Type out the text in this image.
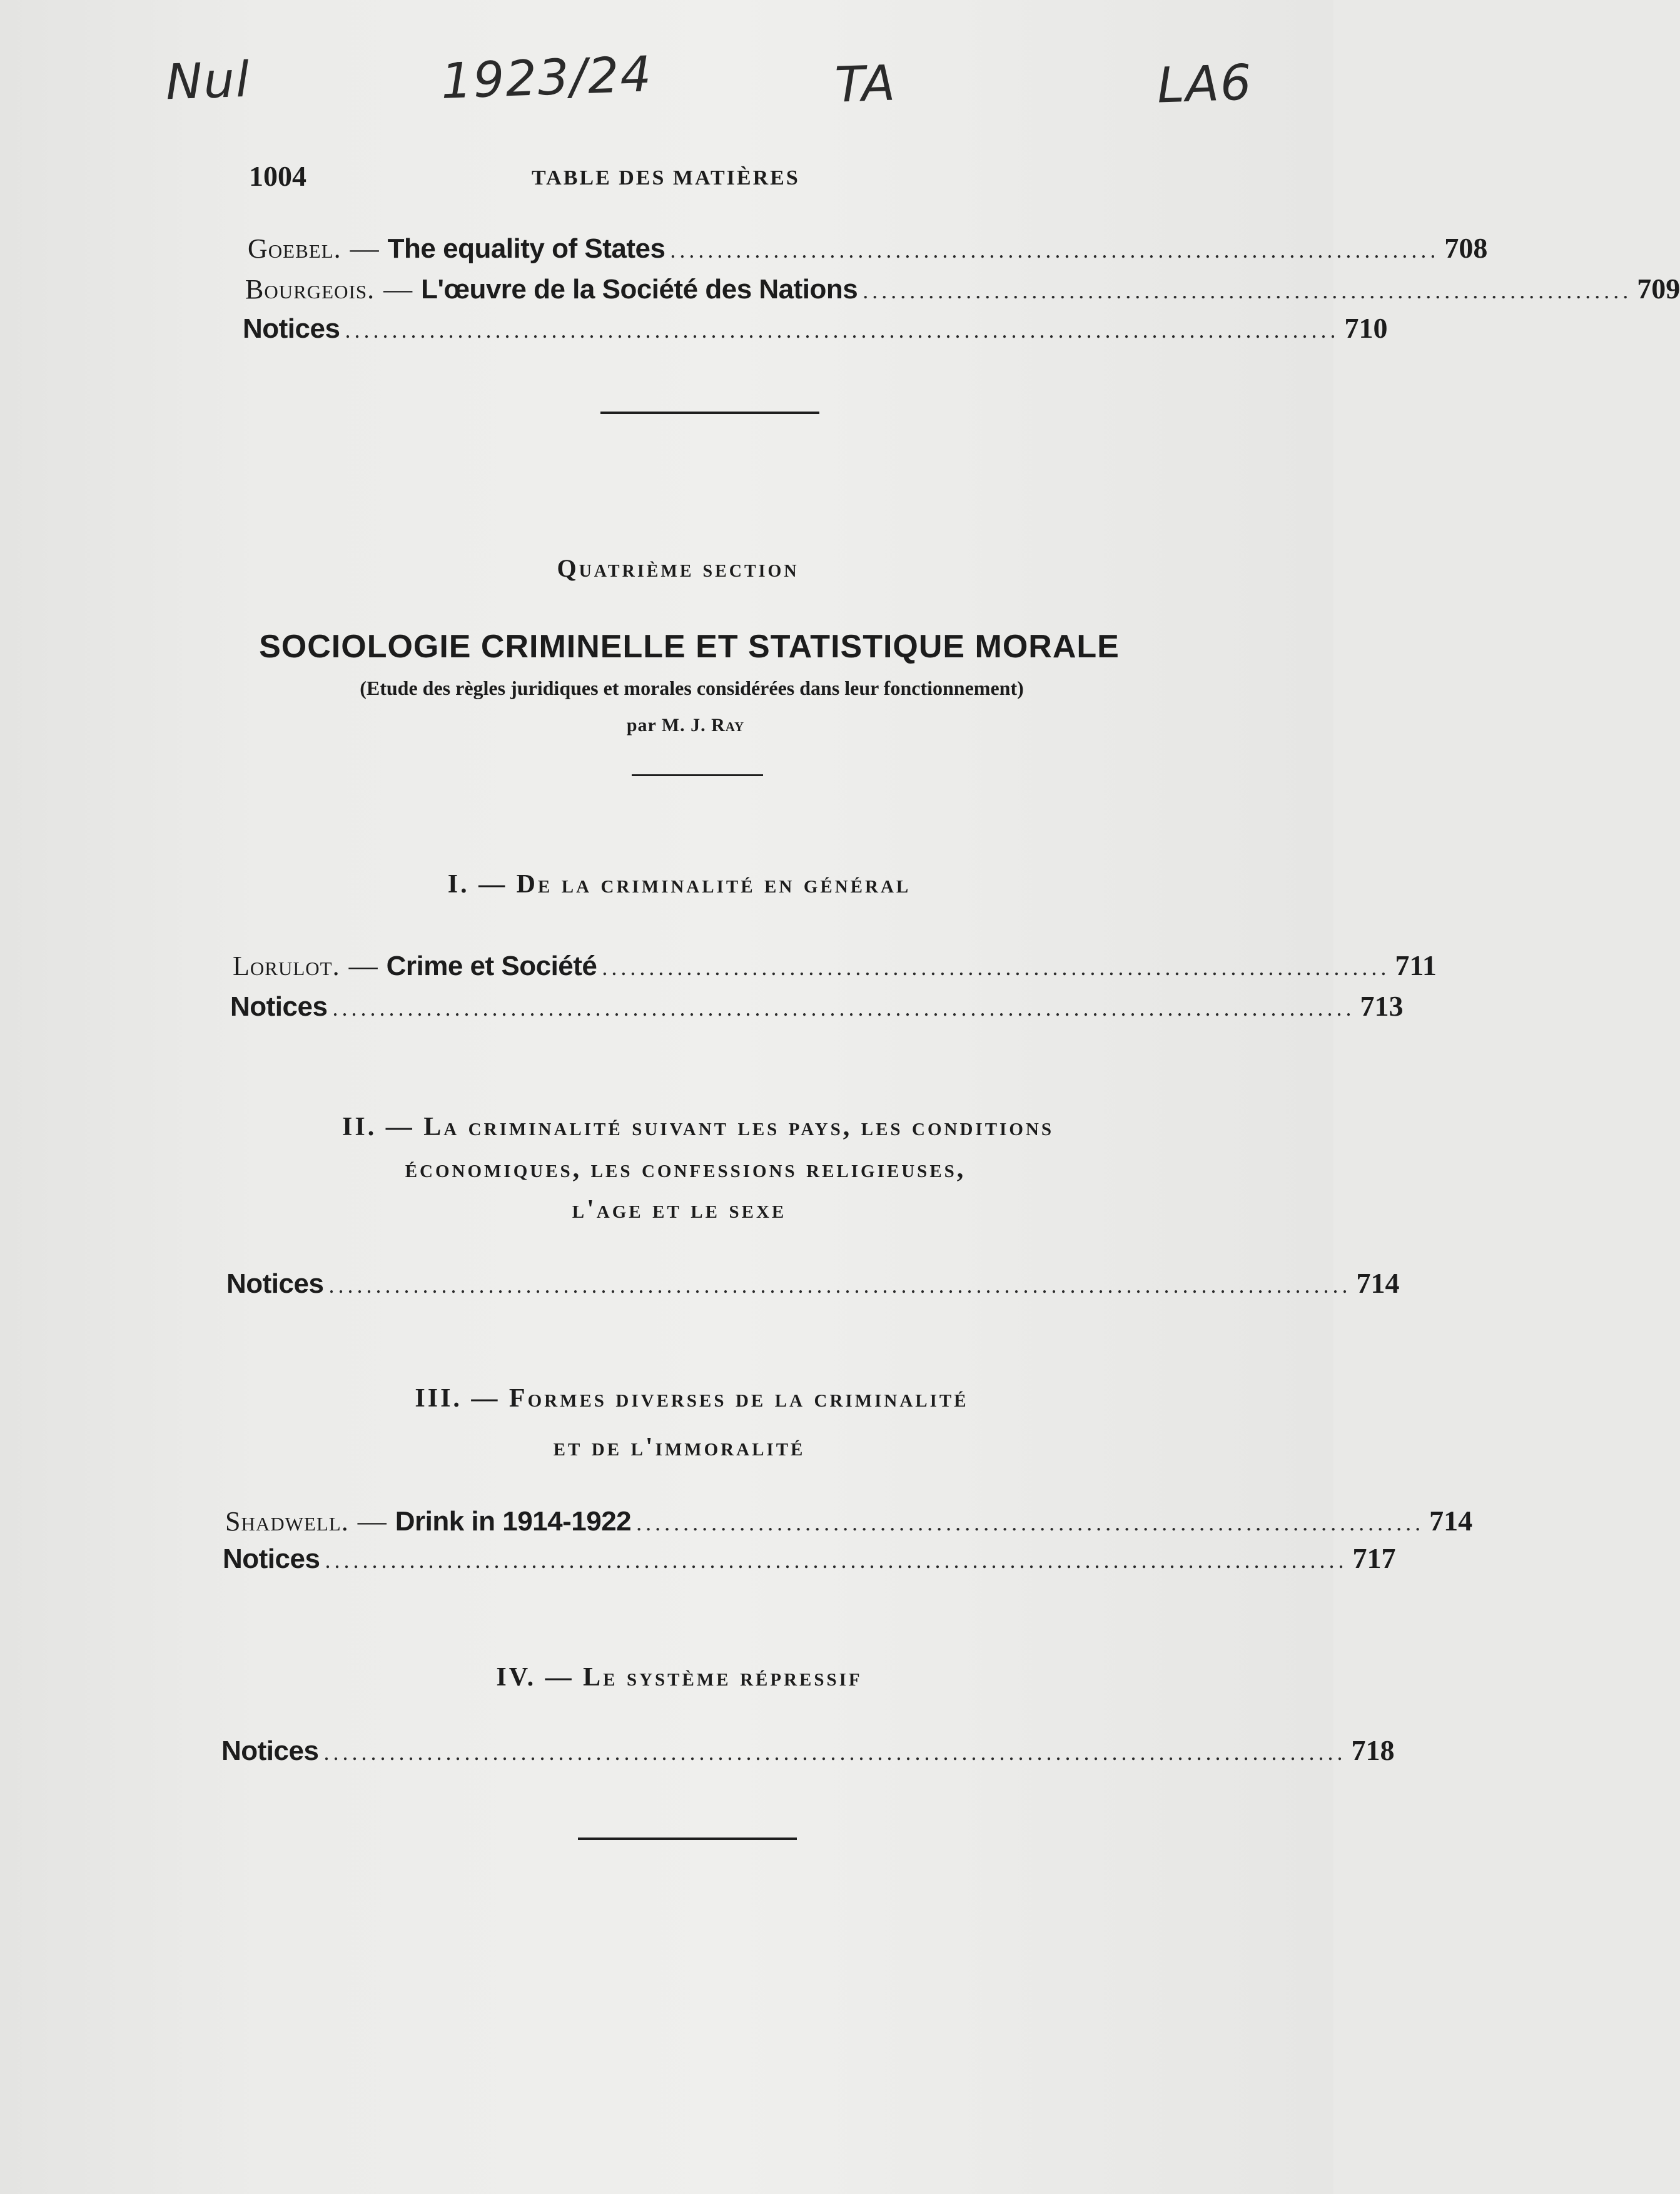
Nul	1923/24	TA	LA6
1004	TABLE DES MATIÈRES
Goebel. — The equality of States .................................................................................. 708
Bourgeois. — L'œuvre de la Société des Nations .................................................................................. 709
Notices .......................................................................................................... 710
Quatrième section
SOCIOLOGIE CRIMINELLE ET STATISTIQUE MORALE
(Etude des règles juridiques et morales considérées dans leur fonctionnement)
par M. J. Ray
I. — De la criminalité en général
Lorulot. — Crime et Société .................................................................................... 711
Notices ............................................................................................................. 713
II. — La criminalité suivant les pays, les conditions
économiques, les confessions religieuses,
l'age et le sexe
Notices ............................................................................................................. 714
III. — Formes diverses de la criminalité
et de l'immoralité
Shadwell. — Drink in 1914-1922 .................................................................................... 714
Notices ............................................................................................................. 717
IV. — Le système répressif
Notices ............................................................................................................. 718
